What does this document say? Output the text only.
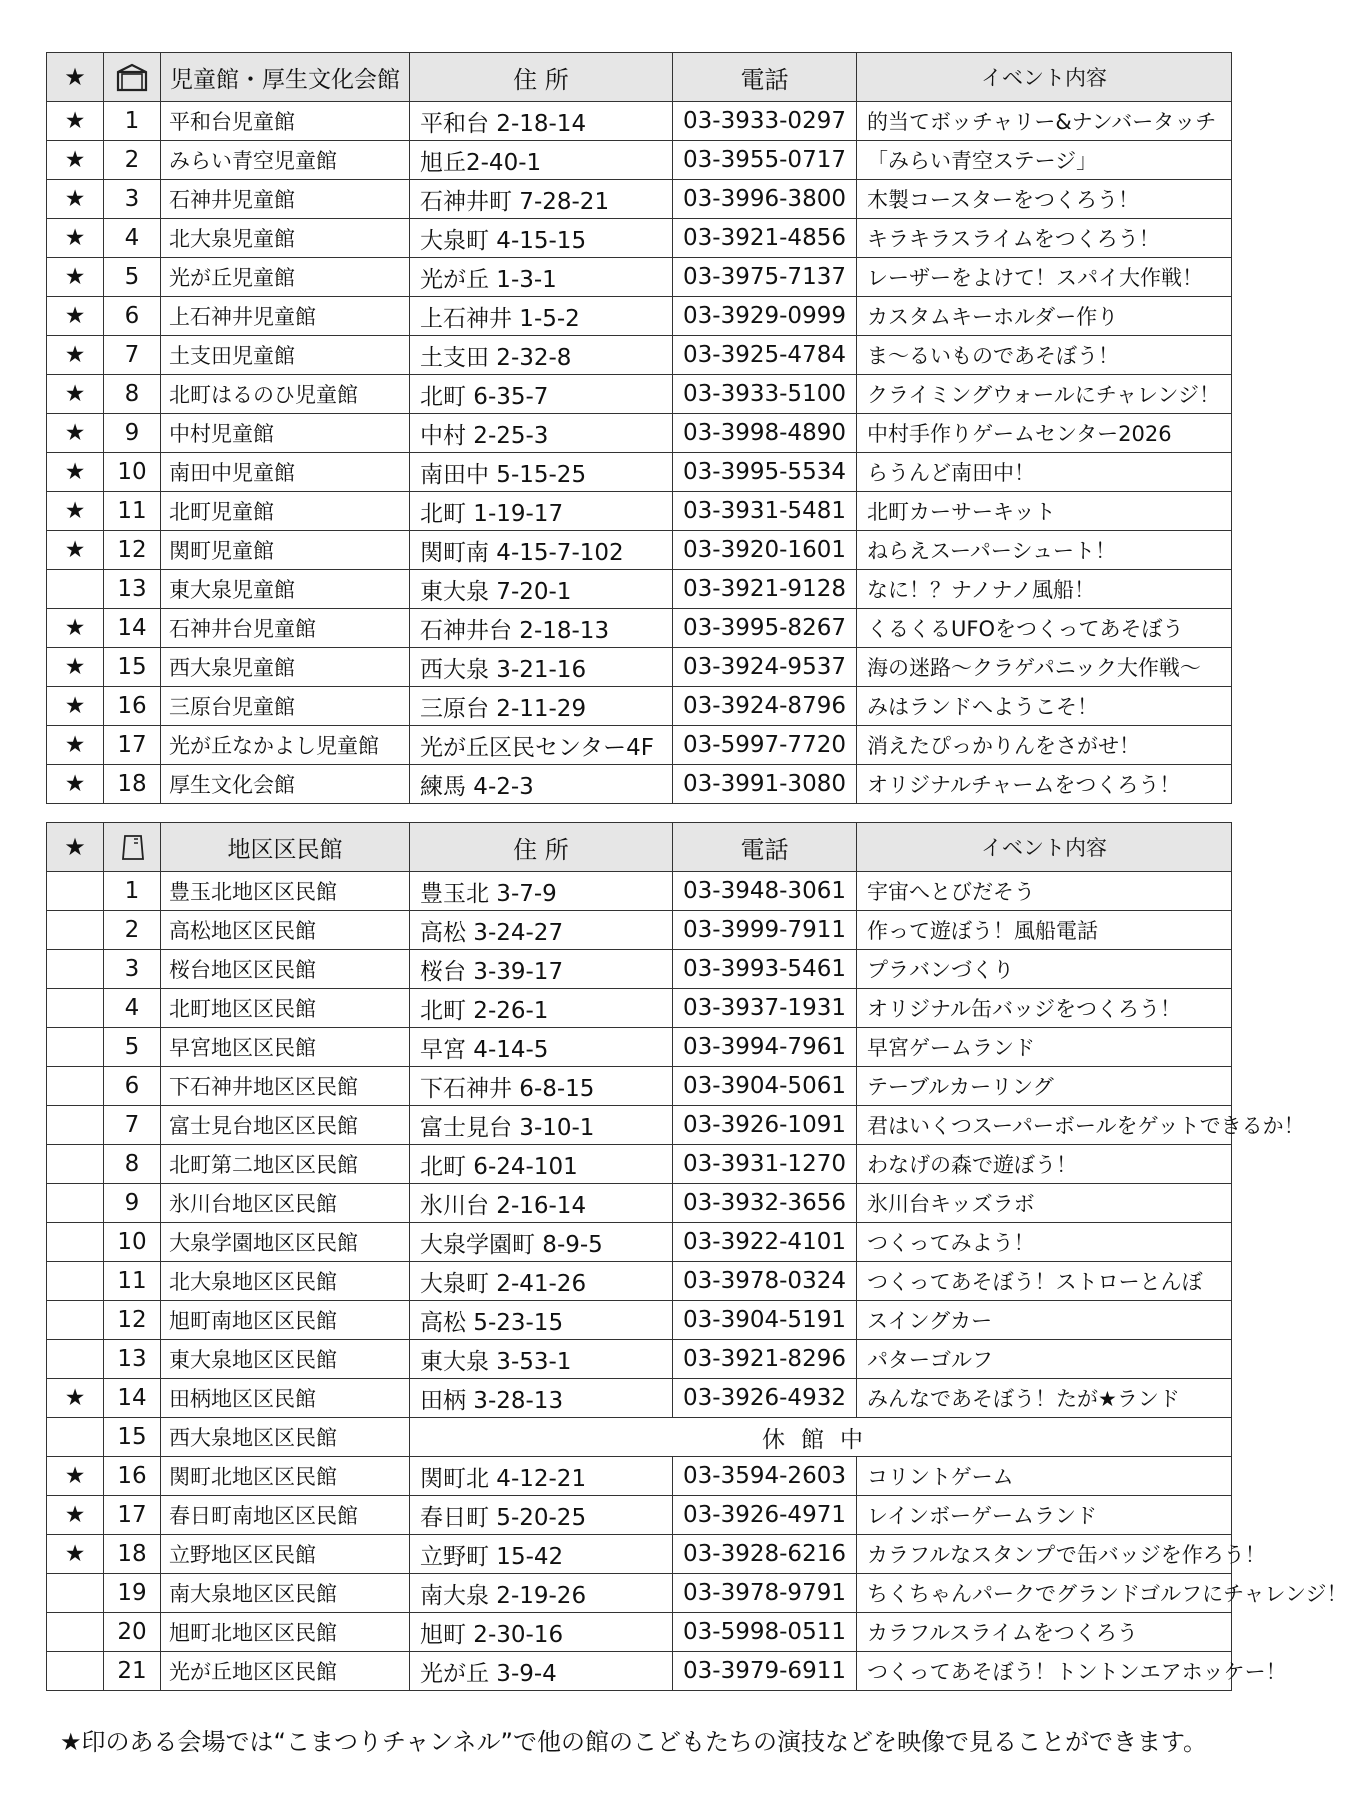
★		児童館・厚生文化会館	住 所	電話	イベント内容
★	1	平和台児童館	平和台 2-18-14	03-3933-0297	的当てボッチャリー&ナンバータッチ
★	2	みらい青空児童館	旭丘2-40-1	03-3955-0717	「みらい青空ステージ」
★	3	石神井児童館	石神井町 7-28-21	03-3996-3800	木製コースターをつくろう！
★	4	北大泉児童館	大泉町 4-15-15	03-3921-4856	キラキラスライムをつくろう！
★	5	光が丘児童館	光が丘 1-3-1	03-3975-7137	レーザーをよけて！スパイ大作戦！
★	6	上石神井児童館	上石神井 1-5-2	03-3929-0999	カスタムキーホルダー作り
★	7	土支田児童館	土支田 2-32-8	03-3925-4784	ま～るいものであそぼう！
★	8	北町はるのひ児童館	北町 6-35-7	03-3933-5100	クライミングウォールにチャレンジ！
★	9	中村児童館	中村 2-25-3	03-3998-4890	中村手作りゲームセンター2026
★	10	南田中児童館	南田中 5-15-25	03-3995-5534	らうんど南田中！
★	11	北町児童館	北町 1-19-17	03-3931-5481	北町カーサーキット
★	12	関町児童館	関町南 4-15-7-102	03-3920-1601	ねらえスーパーシュート！
	13	東大泉児童館	東大泉 7-20-1	03-3921-9128	なに！？ナノナノ風船！
★	14	石神井台児童館	石神井台 2-18-13	03-3995-8267	くるくるUFOをつくってあそぼう
★	15	西大泉児童館	西大泉 3-21-16	03-3924-9537	海の迷路～クラゲパニック大作戦～
★	16	三原台児童館	三原台 2-11-29	03-3924-8796	みはランドへようこそ！
★	17	光が丘なかよし児童館	光が丘区民センター4F	03-5997-7720	消えたぴっかりんをさがせ！
★	18	厚生文化会館	練馬 4-2-3	03-3991-3080	オリジナルチャームをつくろう！
★		地区区民館	住 所	電話	イベント内容
	1	豊玉北地区区民館	豊玉北 3-7-9	03-3948-3061	宇宙へとびだそう
	2	高松地区区民館	高松 3-24-27	03-3999-7911	作って遊ぼう！風船電話
	3	桜台地区区民館	桜台 3-39-17	03-3993-5461	プラバンづくり
	4	北町地区区民館	北町 2-26-1	03-3937-1931	オリジナル缶バッジをつくろう！
	5	早宮地区区民館	早宮 4-14-5	03-3994-7961	早宮ゲームランド
	6	下石神井地区区民館	下石神井 6-8-15	03-3904-5061	テーブルカーリング
	7	富士見台地区区民館	富士見台 3-10-1	03-3926-1091	君はいくつスーパーボールをゲットできるか！
	8	北町第二地区区民館	北町 6-24-101	03-3931-1270	わなげの森で遊ぼう！
	9	氷川台地区区民館	氷川台 2-16-14	03-3932-3656	氷川台キッズラボ
	10	大泉学園地区区民館	大泉学園町 8-9-5	03-3922-4101	つくってみよう！
	11	北大泉地区区民館	大泉町 2-41-26	03-3978-0324	つくってあそぼう！ストローとんぼ
	12	旭町南地区区民館	高松 5-23-15	03-3904-5191	スイングカー
	13	東大泉地区区民館	東大泉 3-53-1	03-3921-8296	パターゴルフ
★	14	田柄地区区民館	田柄 3-28-13	03-3926-4932	みんなであそぼう！たが★ランド
	15	西大泉地区区民館	休館中		
★	16	関町北地区区民館	関町北 4-12-21	03-3594-2603	コリントゲーム
★	17	春日町南地区区民館	春日町 5-20-25	03-3926-4971	レインボーゲームランド
★	18	立野地区区民館	立野町 15-42	03-3928-6216	カラフルなスタンプで缶バッジを作ろう！
	19	南大泉地区区民館	南大泉 2-19-26	03-3978-9791	ちくちゃんパークでグランドゴルフにチャレンジ！
	20	旭町北地区区民館	旭町 2-30-16	03-5998-0511	カラフルスライムをつくろう
	21	光が丘地区区民館	光が丘 3-9-4	03-3979-6911	つくってあそぼう！トントンエアホッケー！
★印のある会場では“こまつりチャンネル”で他の館のこどもたちの演技などを映像で見ることができます。
